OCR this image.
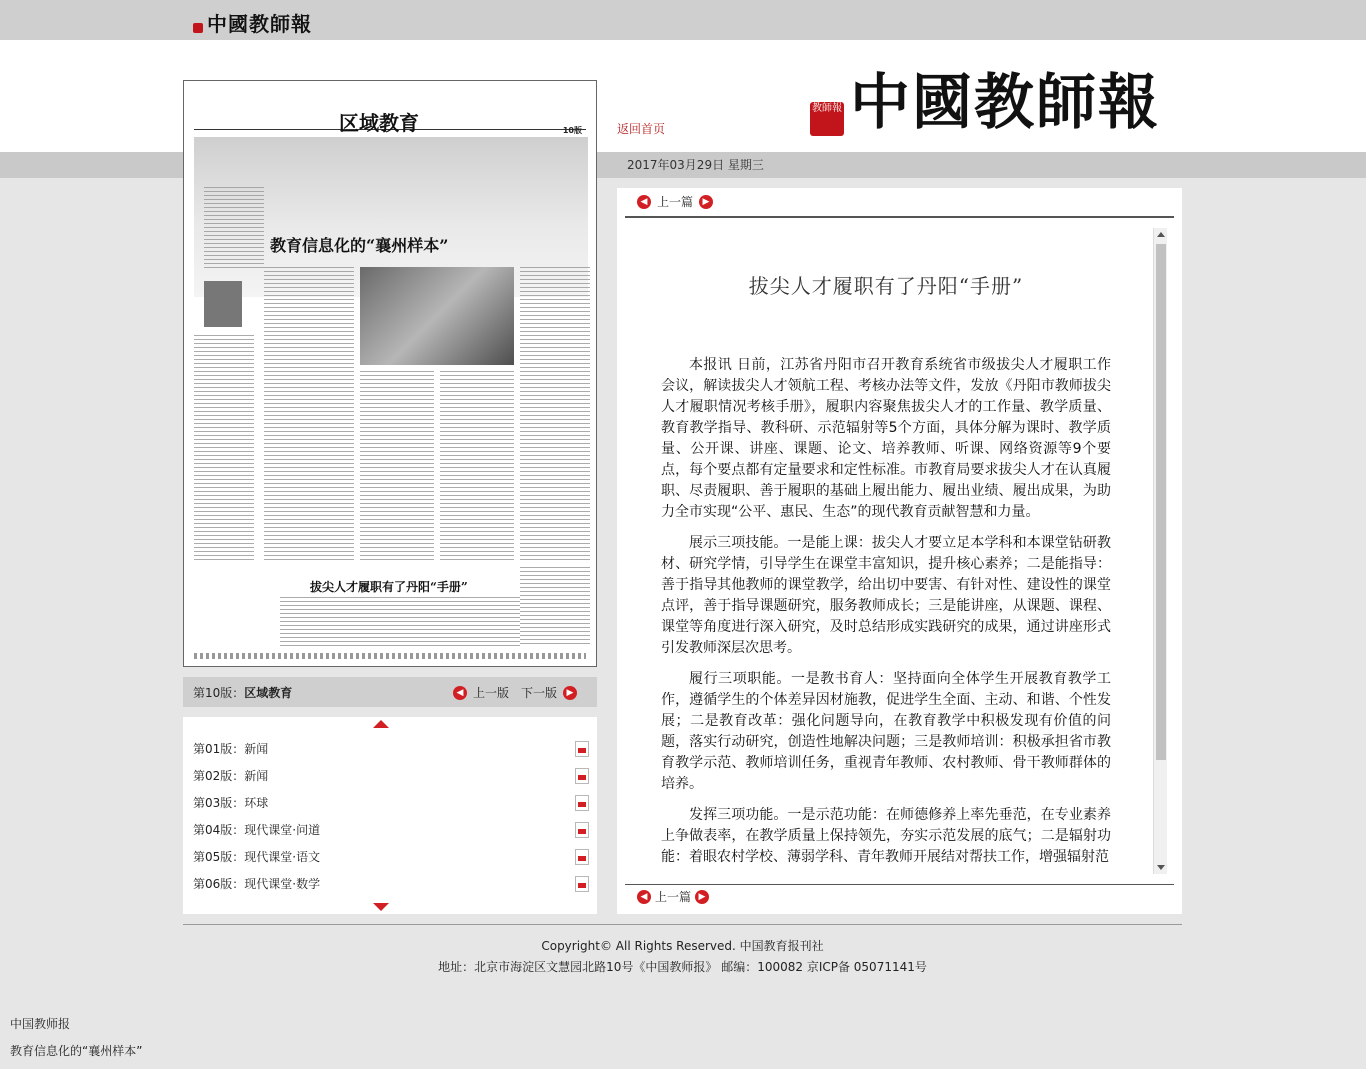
中國教師報
返回首页
2017年03月29日 星期三
教師報 中國教師報
区域教育	10版
教育信息化的“襄州样本”
拔尖人才履职有了丹阳“手册”
第10版：区域教育	◀ 上一版 下一版	▶
第01版：新闻
第02版：新闻
第03版：环球
第04版：现代课堂·问道
第05版：现代课堂·语文
第06版：现代课堂·数学
◀ 上一篇	▶
拔尖人才履职有了丹阳“手册”

本报讯 日前，江苏省丹阳市召开教育系统省市级拔尖人才履职工作会议，解读拔尖人才领航工程、考核办法等文件，发放《丹阳市教师拔尖人才履职情况考核手册》，履职内容聚焦拔尖人才的工作量、教学质量、教育教学指导、教科研、示范辐射等5个方面，具体分解为课时、教学质量、公开课、讲座、课题、论文、培养教师、听课、网络资源等9个要点，每个要点都有定量要求和定性标准。市教育局要求拔尖人才在认真履职、尽责履职、善于履职的基础上履出能力、履出业绩、履出成果，为助力全市实现“公平、惠民、生态”的现代教育贡献智慧和力量。

展示三项技能。一是能上课：拔尖人才要立足本学科和本课堂钻研教材、研究学情，引导学生在课堂丰富知识，提升核心素养；二是能指导：善于指导其他教师的课堂教学，给出切中要害、有针对性、建设性的课堂点评，善于指导课题研究，服务教师成长；三是能讲座，从课题、课程、课堂等角度进行深入研究，及时总结形成实践研究的成果，通过讲座形式引发教师深层次思考。

履行三项职能。一是教书育人：坚持面向全体学生开展教育教学工作，遵循学生的个体差异因材施教，促进学生全面、主动、和谐、个性发展；二是教育改革：强化问题导向，在教育教学中积极发现有价值的问题，落实行动研究，创造性地解决问题；三是教师培训：积极承担省市教育教学示范、教师培训任务，重视青年教师、农村教师、骨干教师群体的培养。

发挥三项功能。一是示范功能：在师德修养上率先垂范，在专业素养上争做表率，在教学质量上保持领先，夯实示范发展的底气；二是辐射功能：着眼农村学校、薄弱学科、青年教师开展结对帮扶工作，增强辐射范

◀ 上一篇 ▶
Copyright© All Rights Reserved. 中国教育报刊社
地址：北京市海淀区文慧园北路10号《中国教师报》 邮编：100082 京ICP备 05071141号
中国教师报
教育信息化的“襄州样本”
